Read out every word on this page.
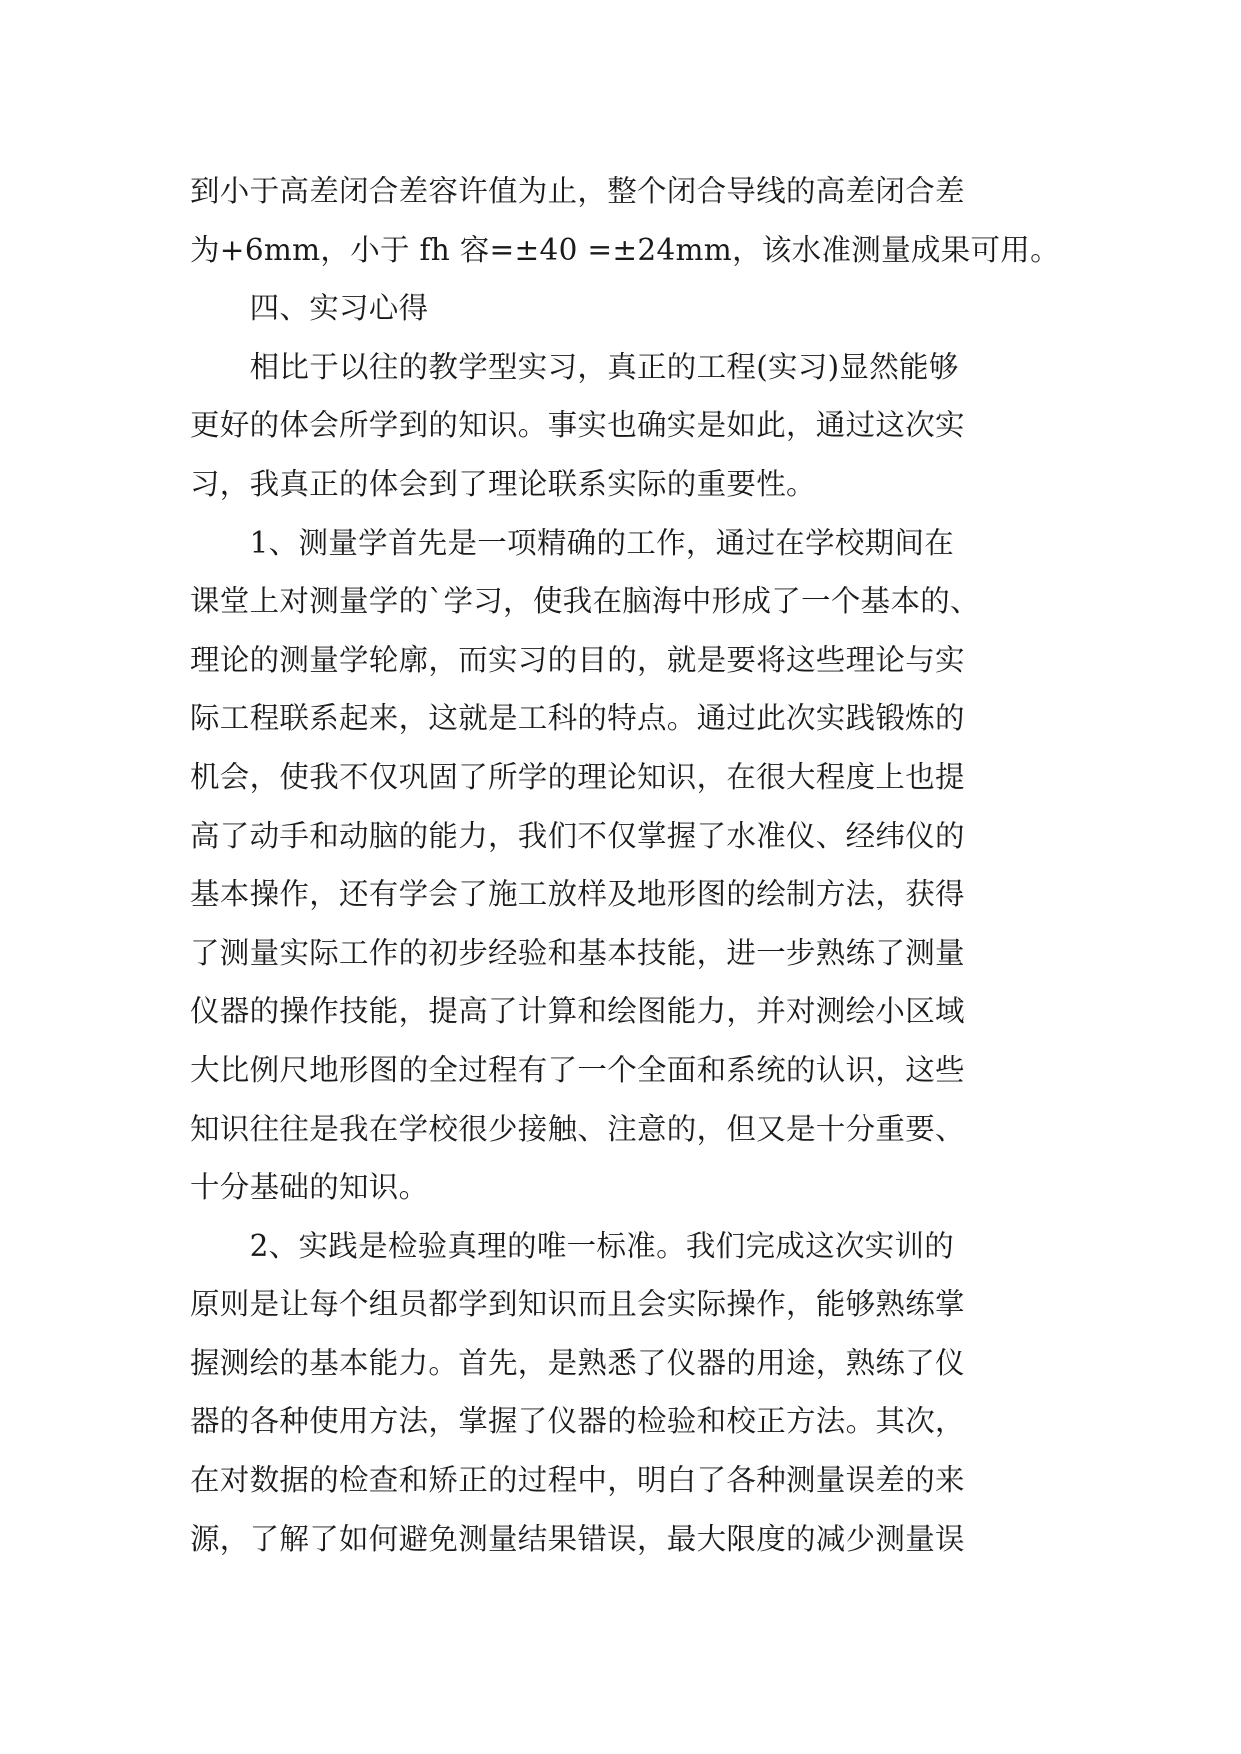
到小于高差闭合差容许值为止，整个闭合导线的高差闭合差
为+6mm，小于 fh 容=±40 =±24mm，该水准测量成果可用。
　　四、实习心得
　　相比于以往的教学型实习，真正的工程(实习)显然能够
更好的体会所学到的知识。事实也确实是如此，通过这次实
习，我真正的体会到了理论联系实际的重要性。
　　1、测量学首先是一项精确的工作，通过在学校期间在
课堂上对测量学的`学习，使我在脑海中形成了一个基本的、
理论的测量学轮廓，而实习的目的，就是要将这些理论与实
际工程联系起来，这就是工科的特点。通过此次实践锻炼的
机会，使我不仅巩固了所学的理论知识，在很大程度上也提
高了动手和动脑的能力，我们不仅掌握了水准仪、经纬仪的
基本操作，还有学会了施工放样及地形图的绘制方法，获得
了测量实际工作的初步经验和基本技能，进一步熟练了测量
仪器的操作技能，提高了计算和绘图能力，并对测绘小区域
大比例尺地形图的全过程有了一个全面和系统的认识，这些
知识往往是我在学校很少接触、注意的，但又是十分重要、
十分基础的知识。
　　2、实践是检验真理的唯一标准。我们完成这次实训的
原则是让每个组员都学到知识而且会实际操作，能够熟练掌
握测绘的基本能力。首先，是熟悉了仪器的用途，熟练了仪
器的各种使用方法，掌握了仪器的检验和校正方法。其次，
在对数据的检查和矫正的过程中，明白了各种测量误差的来
源，了解了如何避免测量结果错误，最大限度的减少测量误
